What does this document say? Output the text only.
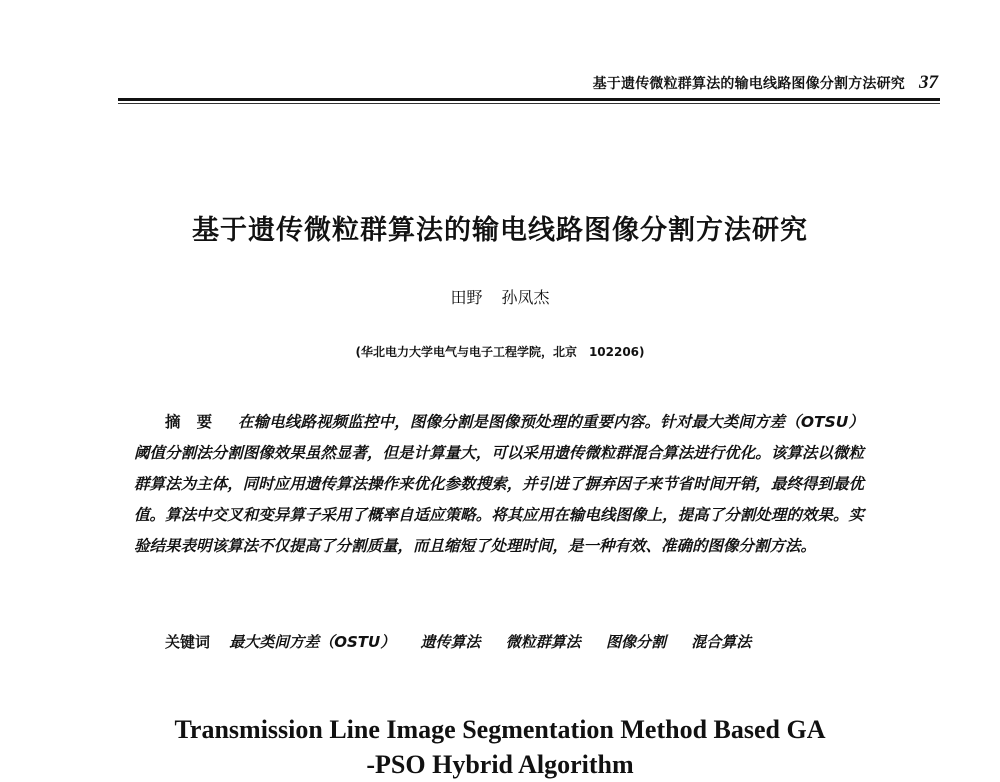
基于遗传微粒群算法的输电线路图像分割方法研究 37
基于遗传微粒群算法的输电线路图像分割方法研究
田野 孙凤杰
(华北电力大学电气与电子工程学院，北京　102206)
摘要 在输电线路视频监控中，图像分割是图像预处理的重要内容。针对最大类间方差（OTSU）阈值分割法分割图像效果虽然显著，但是计算量大，可以采用遗传微粒群混合算法进行优化。该算法以微粒群算法为主体，同时应用遗传算法操作来优化参数搜索，并引进了摒弃因子来节省时间开销，最终得到最优值。算法中交叉和变异算子采用了概率自适应策略。将其应用在输电线图像上，提高了分割处理的效果。实验结果表明该算法不仅提高了分割质量，而且缩短了处理时间，是一种有效、准确的图像分割方法。
关键词 最大类间方差（OSTU） 遗传算法 微粒群算法 图像分割 混合算法
Transmission Line Image Segmentation Method Based GA
-PSO Hybrid Algorithm
